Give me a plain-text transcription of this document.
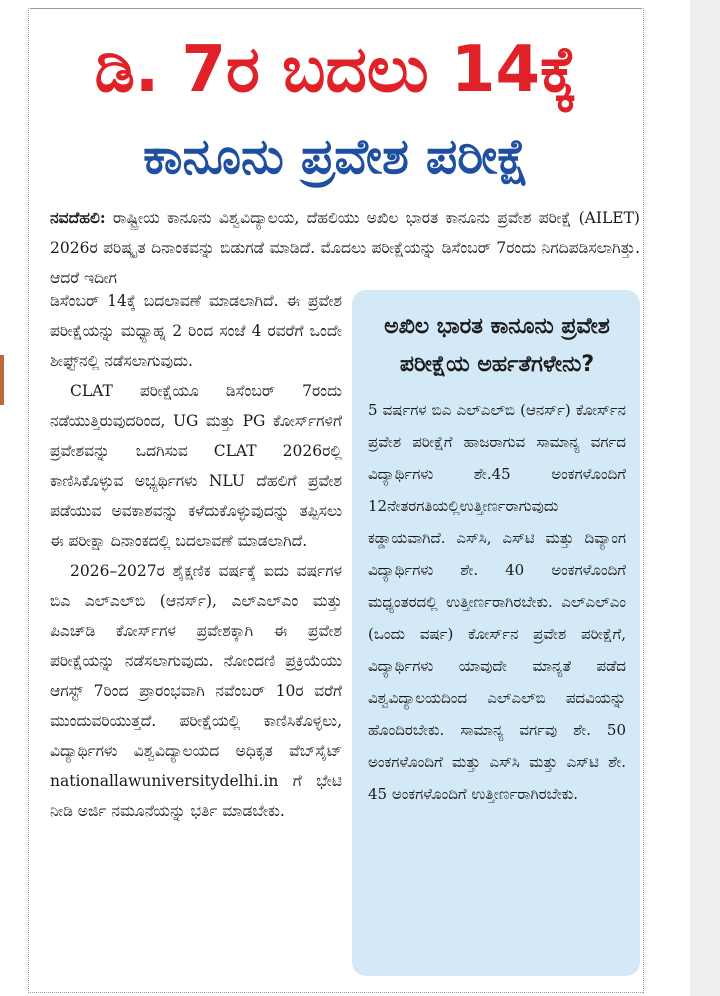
ಡಿ. 7ರ ಬದಲು 14ಕ್ಕೆ
ಕಾನೂನು ಪ್ರವೇಶ ಪರೀಕ್ಷೆ

ನವದೆಹಲಿ: ರಾಷ್ಟ್ರೀಯ ಕಾನೂನು ವಿಶ್ವವಿದ್ಯಾಲಯ, ದೆಹಲಿಯು ಅಖಿಲ ಭಾರತ ಕಾನೂನು ಪ್ರವೇಶ ಪರೀಕ್ಷೆ (AILET) 2026ರ ಪರಿಷ್ಕೃತ ದಿನಾಂಕವನ್ನು ಬಿಡುಗಡೆ ಮಾಡಿದೆ. ಮೊದಲು ಪರೀಕ್ಷೆಯನ್ನು ಡಿಸೆಂಬರ್ 7ರಂದು ನಿಗದಿಪಡಿಸಲಾಗಿತ್ತು. ಆದರೆ ಇದೀಗ

ಡಿಸೆಂಬರ್ 14ಕ್ಕೆ ಬದಲಾವಣೆ ಮಾಡಲಾಗಿದೆ. ಈ ಪ್ರವೇಶ ಪರೀಕ್ಷೆಯನ್ನು ಮಧ್ಯಾಹ್ನ 2 ರಿಂದ ಸಂಜೆ 4 ರವರೆಗೆ ಒಂದೇ ಶೀಫ್ಟ್‌ನಲ್ಲಿ ನಡೆಸಲಾಗುವುದು.

CLAT ಪರೀಕ್ಷೆಯೂ ಡಿಸೆಂಬರ್ 7ರಂದು ನಡೆಯುತ್ತಿರುವುದರಿಂದ, UG ಮತ್ತು PG ಕೋರ್ಸ್‌ಗಳಿಗೆ ಪ್ರವೇಶವನ್ನು ಒದಗಿಸುವ CLAT 2026ರಲ್ಲಿ ಕಾಣಿಸಿಕೊಳ್ಳುವ ಅಭ್ಯರ್ಥಿಗಳು NLU ದೆಹಲಿಗೆ ಪ್ರವೇಶ ಪಡೆಯುವ ಅವಕಾಶವನ್ನು ಕಳೆದುಕೊಳ್ಳುವುದನ್ನು ತಪ್ಪಿಸಲು ಈ ಪರೀಕ್ಷಾ ದಿನಾಂಕದಲ್ಲಿ ಬದಲಾವಣೆ ಮಾಡಲಾಗಿದೆ.

2026–2027ರ ಶೈಕ್ಷಣಿಕ ವರ್ಷಕ್ಕೆ ಐದು ವರ್ಷಗಳ ಬಿಎ ಎಲ್‌ಎಲ್‌ಬಿ (ಆನರ್ಸ್), ಎಲ್‌ಎಲ್‌ಎಂ ಮತ್ತು ಪಿಎಚ್‌ಡಿ ಕೋರ್ಸ್‌ಗಳ ಪ್ರವೇಶಕ್ಕಾಗಿ ಈ ಪ್ರವೇಶ ಪರೀಕ್ಷೆಯನ್ನು ನಡೆಸಲಾಗುವುದು. ನೋಂದಣಿ ಪ್ರಕ್ರಿಯೆಯು ಆಗಸ್ಟ್ 7ರಿಂದ ಪ್ರಾರಂಭವಾಗಿ ನವೆಂಬರ್ 10ರ ವರೆಗೆ ಮುಂದುವರಿಯುತ್ತದೆ. ಪರೀಕ್ಷೆಯಲ್ಲಿ ಕಾಣಿಸಿಕೊಳ್ಳಲು, ವಿದ್ಯಾರ್ಥಿಗಳು ವಿಶ್ವವಿದ್ಯಾಲಯದ ಅಧಿಕೃತ ವೆಬ್‌ಸೈಟ್ nationallawuniversitydelhi.in ಗೆ ಭೇಟಿ ನೀಡಿ ಅರ್ಜಿ ನಮೂನೆಯನ್ನು ಭರ್ತಿ ಮಾಡಬೇಕು.

ಅಖಿಲ ಭಾರತ ಕಾನೂನು ಪ್ರವೇಶ ಪರೀಕ್ಷೆಯ ಅರ್ಹತೆಗಳೇನು?

5 ವರ್ಷಗಳ ಬಿಎ ಎಲ್‌ಎಲ್‌ಬಿ (ಆನರ್ಸ್) ಕೋರ್ಸ್‌ನ ಪ್ರವೇಶ ಪರೀಕ್ಷೆಗೆ ಹಾಜರಾಗುವ ಸಾಮಾನ್ಯ ವರ್ಗದ ವಿದ್ಯಾರ್ಥಿಗಳು ಶೇ.45 ಅಂಕಗಳೊಂದಿಗೆ 12ನೇತರಗತಿಯಲ್ಲಿಉತ್ತೀರ್ಣರಾಗುವುದು ಕಡ್ಡಾಯವಾಗಿದೆ. ಎಸ್‌ಸಿ, ಎಸ್‌ಟಿ ಮತ್ತು ದಿವ್ಯಾಂಗ ವಿದ್ಯಾರ್ಥಿಗಳು ಶೇ. 40 ಅಂಕಗಳೊಂದಿಗೆ ಮಧ್ಯಂತರದಲ್ಲಿ ಉತ್ತೀರ್ಣರಾಗಿರಬೇಕು. ಎಲ್‌ಎಲ್‌ಎಂ (ಒಂದು ವರ್ಷ) ಕೋರ್ಸ್‌ನ ಪ್ರವೇಶ ಪರೀಕ್ಷೆಗೆ, ವಿದ್ಯಾರ್ಥಿಗಳು ಯಾವುದೇ ಮಾನ್ಯತೆ ಪಡೆದ ವಿಶ್ವವಿದ್ಯಾಲಯದಿಂದ ಎಲ್‌ಎಲ್‌ಬಿ ಪದವಿಯನ್ನು ಹೊಂದಿರಬೇಕು. ಸಾಮಾನ್ಯ ವರ್ಗವು ಶೇ. 50 ಅಂಕಗಳೊಂದಿಗೆ ಮತ್ತು ಎಸ್‌ಸಿ ಮತ್ತು ಎಸ್‌ಟಿ ಶೇ. 45 ಅಂಕಗಳೊಂದಿಗೆ ಉತ್ತೀರ್ಣರಾಗಿರಬೇಕು.
